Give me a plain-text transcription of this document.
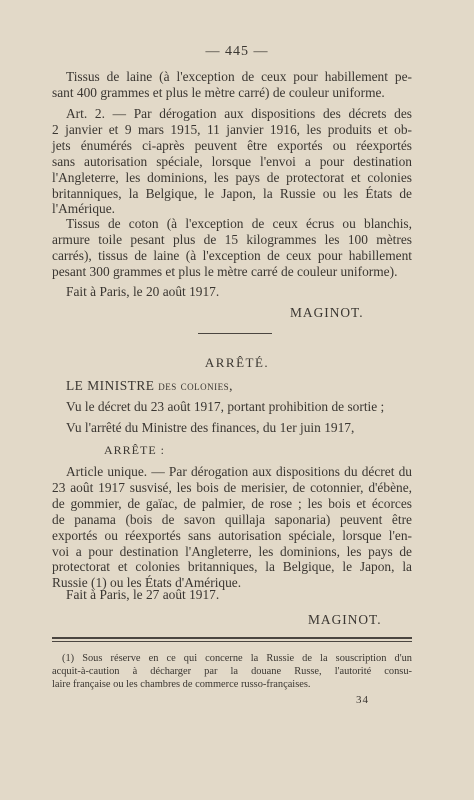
— 445 —

Tissus de laine (à l'exception de ceux pour habillement pe-
sant 400 grammes et plus le mètre carré) de couleur uniforme.

Art. 2. — Par dérogation aux dispositions des décrets des
2 janvier et 9 mars 1915, 11 janvier 1916, les produits et ob-
jets énumérés ci-après peuvent être exportés ou réexportés
sans autorisation spéciale, lorsque l'envoi a pour destination
l'Angleterre, les dominions, les pays de protectorat et colonies
britanniques, la Belgique, le Japon, la Russie ou les États de
l'Amérique.

Tissus de coton (à l'exception de ceux écrus ou blanchis,
armure toile pesant plus de 15 kilogrammes les 100 mètres
carrés), tissus de laine (à l'exception de ceux pour habillement
pesant 300 grammes et plus le mètre carré de couleur uniforme).

Fait à Paris, le 20 août 1917.

MAGINOT.

ARRÊTÉ.

LE MINISTRE des colonies,

Vu le décret du 23 août 1917, portant prohibition de sortie ;

Vu l'arrêté du Ministre des finances, du 1er juin 1917,

ARRÊTE :

Article unique. — Par dérogation aux dispositions du décret du
23 août 1917 susvisé, les bois de merisier, de cotonnier, d'ébène,
de gommier, de gaïac, de palmier, de rose ; les bois et écorces
de panama (bois de savon quillaja saponaria) peuvent être
exportés ou réexportés sans autorisation spéciale, lorsque l'en-
voi a pour destination l'Angleterre, les dominions, les pays de
protectorat et colonies britanniques, la Belgique, le Japon, la
Russie (1) ou les États d'Amérique.

Fait à Paris, le 27 août 1917.

MAGINOT.

(1) Sous réserve en ce qui concerne la Russie de la souscription d'un
acquit-à-caution à décharger par la douane Russe, l'autorité consu-
laire française ou les chambres de commerce russo-françaises.

34
